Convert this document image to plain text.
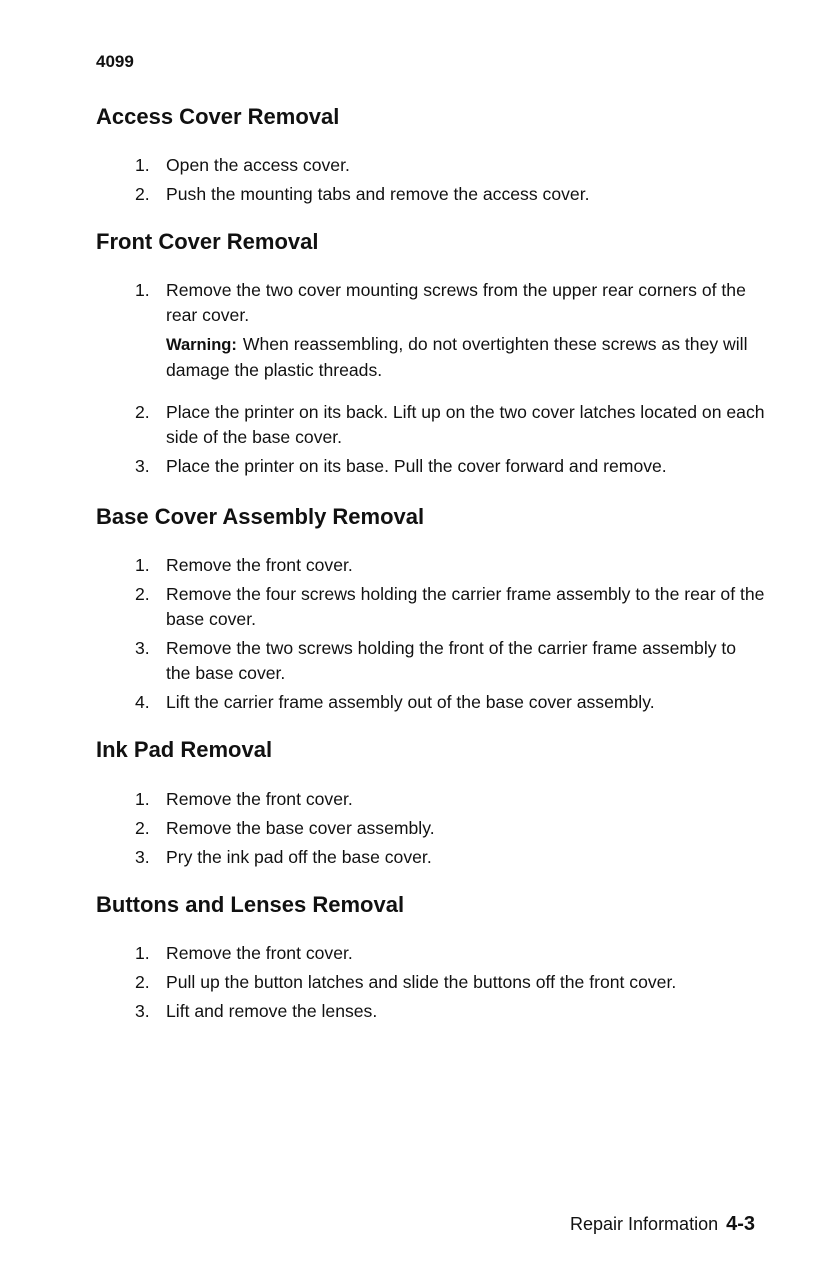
4099
Access Cover Removal
1. Open the access cover.
2. Push the mounting tabs and remove the access cover.
Front Cover Removal
1. Remove the two cover mounting screws from the upper rear corners of the rear cover.
Warning: When reassembling, do not overtighten these screws as they will damage the plastic threads.
2. Place the printer on its back. Lift up on the two cover latches located on each side of the base cover.
3. Place the printer on its base. Pull the cover forward and remove.
Base Cover Assembly Removal
1. Remove the front cover.
2. Remove the four screws holding the carrier frame assembly to the rear of the base cover.
3. Remove the two screws holding the front of the carrier frame assembly to the base cover.
4. Lift the carrier frame assembly out of the base cover assembly.
Ink Pad Removal
1. Remove the front cover.
2. Remove the base cover assembly.
3. Pry the ink pad off the base cover.
Buttons and Lenses Removal
1. Remove the front cover.
2. Pull up the button latches and slide the buttons off the front cover.
3. Lift and remove the lenses.
Repair Information 4-3
